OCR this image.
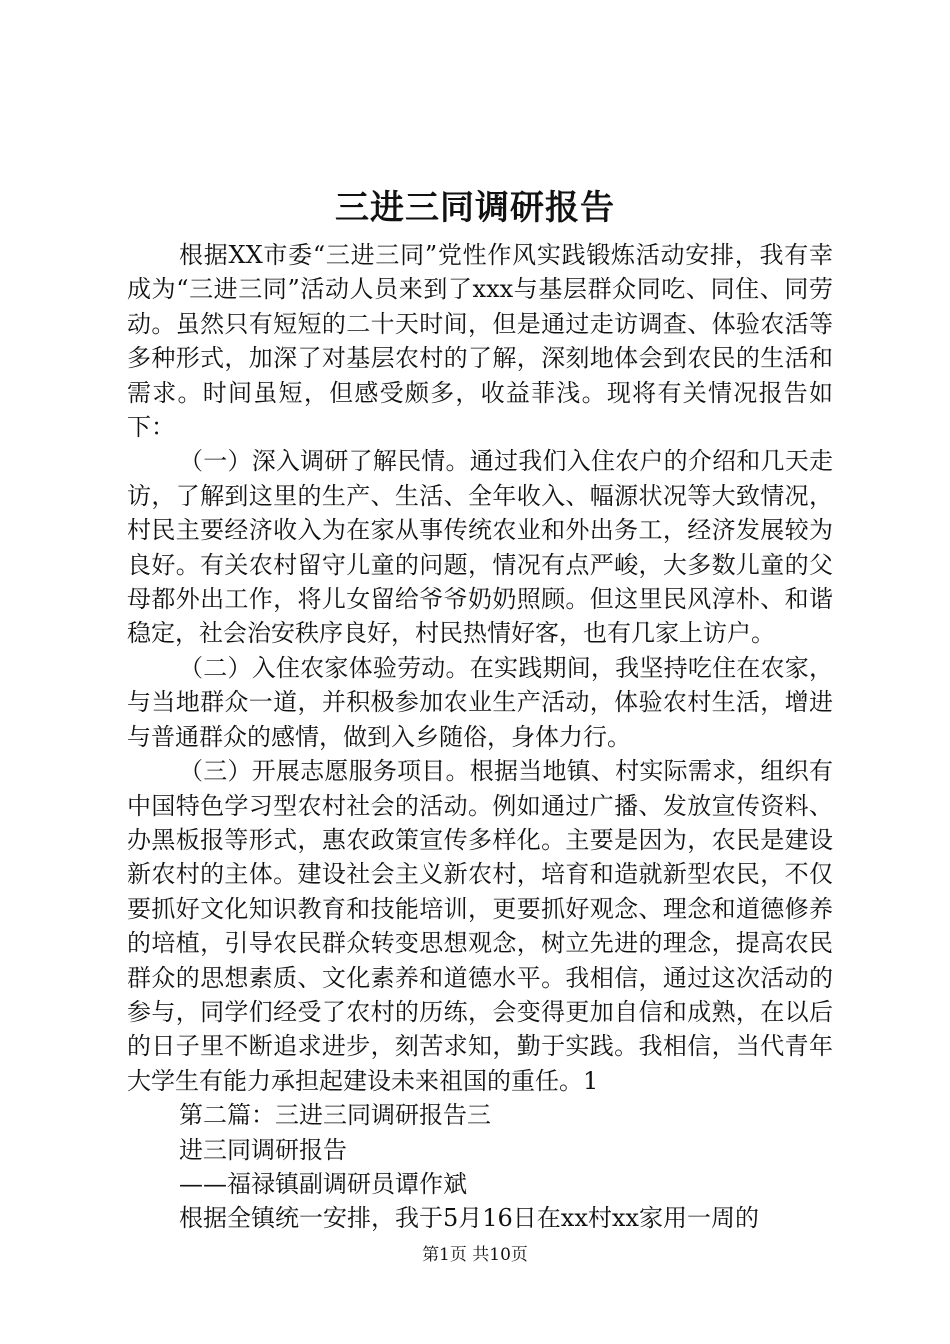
三进三同调研报告

根据XX市委“三进三同”党性作风实践锻炼活动安排，我有幸成为“三进三同”活动人员来到了xxx与基层群众同吃、同住、同劳动。虽然只有短短的二十天时间，但是通过走访调查、体验农活等多种形式，加深了对基层农村的了解，深刻地体会到农民的生活和需求。时间虽短，但感受颇多，收益菲浅。现将有关情况报告如下：

（一）深入调研了解民情。通过我们入住农户的介绍和几天走访，了解到这里的生产、生活、全年收入、幅源状况等大致情况，村民主要经济收入为在家从事传统农业和外出务工，经济发展较为良好。有关农村留守儿童的问题，情况有点严峻，大多数儿童的父母都外出工作，将儿女留给爷爷奶奶照顾。但这里民风淳朴、和谐稳定，社会治安秩序良好，村民热情好客，也有几家上访户。

（二）入住农家体验劳动。在实践期间，我坚持吃住在农家，与当地群众一道，并积极参加农业生产活动，体验农村生活，增进与普通群众的感情，做到入乡随俗，身体力行。

（三）开展志愿服务项目。根据当地镇、村实际需求，组织有中国特色学习型农村社会的活动。例如通过广播、发放宣传资料、办黑板报等形式，惠农政策宣传多样化。主要是因为，农民是建设新农村的主体。建设社会主义新农村，培育和造就新型农民，不仅要抓好文化知识教育和技能培训，更要抓好观念、理念和道德修养的培植，引导农民群众转变思想观念，树立先进的理念，提高农民群众的思想素质、文化素养和道德水平。我相信，通过这次活动的参与，同学们经受了农村的历练，会变得更加自信和成熟，在以后的日子里不断追求进步，刻苦求知，勤于实践。我相信，当代青年大学生有能力承担起建设未来祖国的重任。1

第二篇：三进三同调研报告三

进三同调研报告

——福禄镇副调研员谭作斌

根据全镇统一安排，我于5月16日在xx村xx家用一周的

第1页 共10页
